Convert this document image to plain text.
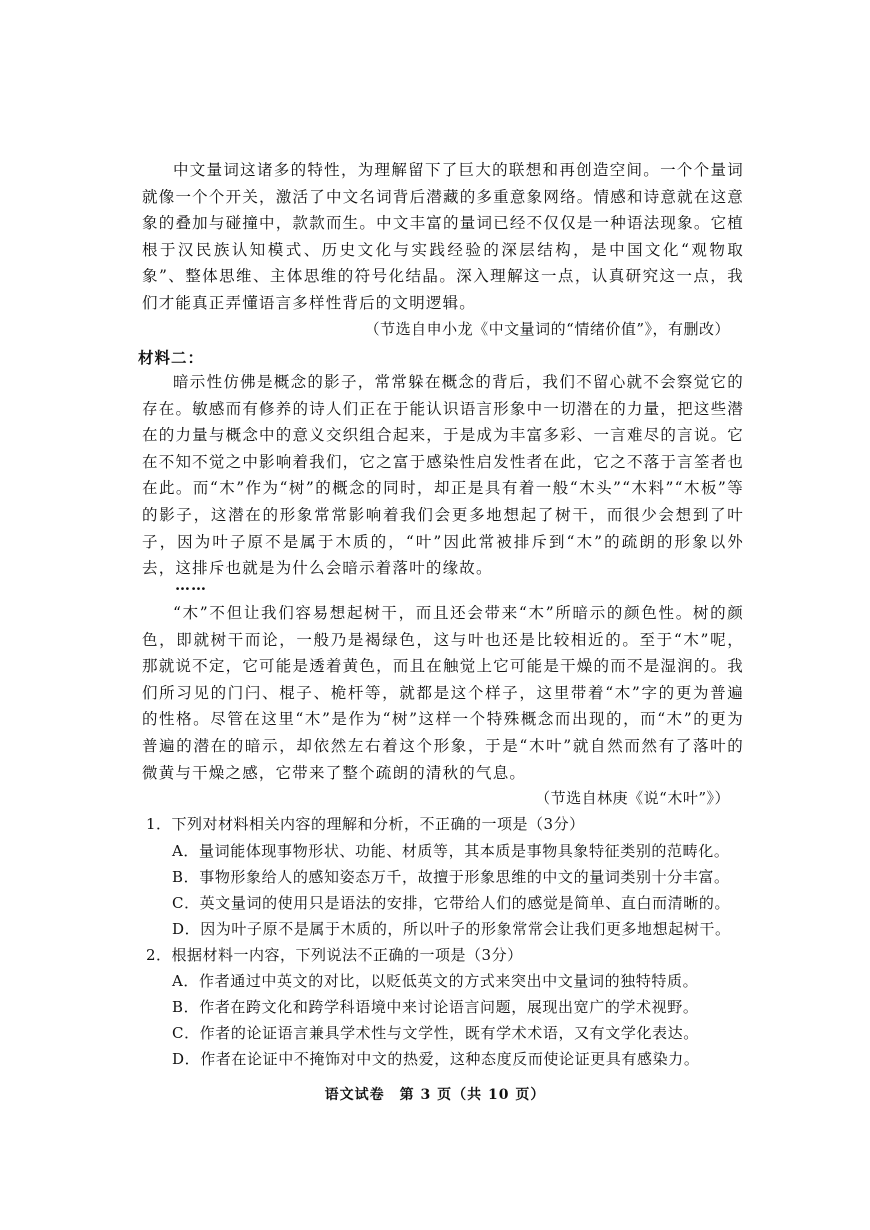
中文量词这诸多的特性，为理解留下了巨大的联想和再创造空间。一个个量词就像一个个开关，激活了中文名词背后潜藏的多重意象网络。情感和诗意就在这意象的叠加与碰撞中，款款而生。中文丰富的量词已经不仅仅是一种语法现象。它植根于汉民族认知模式、历史文化与实践经验的深层结构，是中国文化“观物取象”、整体思维、主体思维的符号化结晶。深入理解这一点，认真研究这一点，我们才能真正弄懂语言多样性背后的文明逻辑。

（节选自申小龙《中文量词的“情绪价值”》，有删改）
材料二：

暗示性仿佛是概念的影子，常常躲在概念的背后，我们不留心就不会察觉它的存在。敏感而有修养的诗人们正在于能认识语言形象中一切潜在的力量，把这些潜在的力量与概念中的意义交织组合起来，于是成为丰富多彩、一言难尽的言说。它在不知不觉之中影响着我们，它之富于感染性启发性者在此，它之不落于言筌者也在此。而“木”作为“树”的概念的同时，却正是具有着一般“木头”“木料”“木板”等的影子，这潜在的形象常常影响着我们会更多地想起了树干，而很少会想到了叶子，因为叶子原不是属于木质的，“叶”因此常被排斥到“木”的疏朗的形象以外去，这排斥也就是为什么会暗示着落叶的缘故。

……

“木”不但让我们容易想起树干，而且还会带来“木”所暗示的颜色性。树的颜色，即就树干而论，一般乃是褐绿色，这与叶也还是比较相近的。至于“木”呢，那就说不定，它可能是透着黄色，而且在触觉上它可能是干燥的而不是湿润的。我们所习见的门闩、棍子、桅杆等，就都是这个样子，这里带着“木”字的更为普遍的性格。尽管在这里“木”是作为“树”这样一个特殊概念而出现的，而“木”的更为普遍的潜在的暗示，却依然左右着这个形象，于是“木叶”就自然而然有了落叶的微黄与干燥之感，它带来了整个疏朗的清秋的气息。

（节选自林庚《说“木叶”》）
1．下列对材料相关内容的理解和分析，不正确的一项是（3分）
A．量词能体现事物形状、功能、材质等，其本质是事物具象特征类别的范畴化。
B．事物形象给人的感知姿态万千，故擅于形象思维的中文的量词类别十分丰富。
C．英文量词的使用只是语法的安排，它带给人们的感觉是简单、直白而清晰的。
D．因为叶子原不是属于木质的，所以叶子的形象常常会让我们更多地想起树干。
2．根据材料一内容，下列说法不正确的一项是（3分）
A．作者通过中英文的对比，以贬低英文的方式来突出中文量词的独特特质。
B．作者在跨文化和跨学科语境中来讨论语言问题，展现出宽广的学术视野。
C．作者的论证语言兼具学术性与文学性，既有学术术语，又有文学化表达。
D．作者在论证中不掩饰对中文的热爱，这种态度反而使论证更具有感染力。
语文试卷　第 3 页（共 10 页）
